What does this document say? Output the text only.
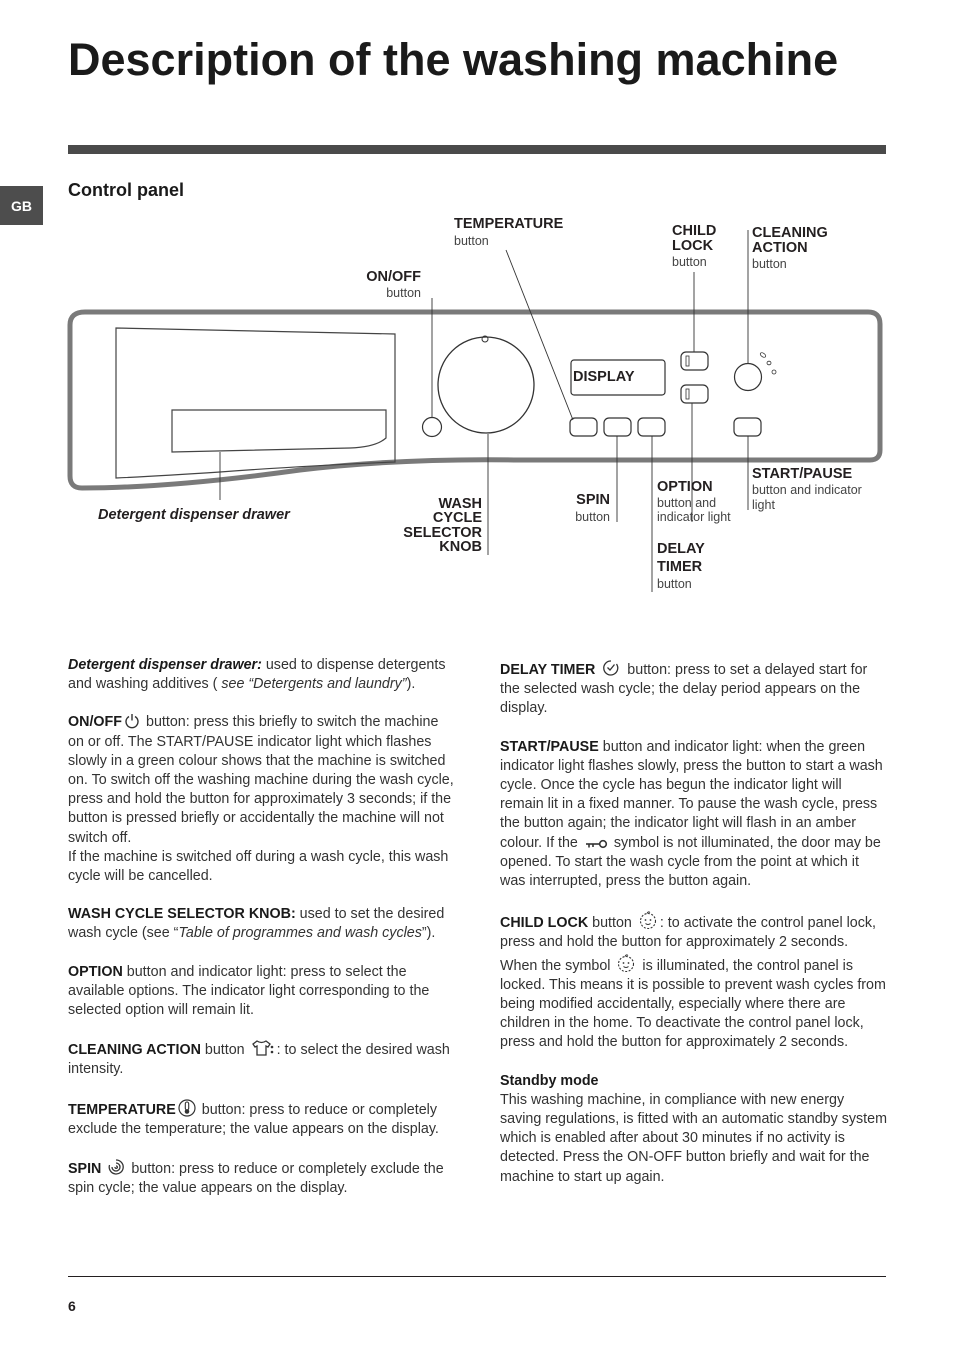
Description of the washing machine
GB
Control panel
DISPLAY
TEMPERATURE
button
CHILD
LOCK
button
CLEANING
ACTION
button
ON/OFF
button
OPTION
button and
indicator light
START/PAUSE
button and indicator
light
SPIN
button
DELAY
TIMER
button
WASH
CYCLE
SELECTOR
KNOB
Detergent dispenser drawer

Detergent dispenser drawer: used to dispense detergents and washing additives ( see “Detergents and laundry”).

ON/OFF button: press this briefly to switch the machine on or off. The START/PAUSE indicator light which flashes slowly in a green colour shows that the machine is switched on. To switch off the washing machine during the wash cycle, press and hold the button for approximately 3 seconds; if the button is pressed briefly or accidentally the machine will not switch off.

If the machine is switched off during a wash cycle, this wash cycle will be cancelled.

WASH CYCLE SELECTOR KNOB: used to set the desired wash cycle (see “Table of programmes and wash cycles”).

OPTION button and indicator light: press to select the available options. The indicator light corresponding to the selected option will remain lit.

CLEANING ACTION button : to select the desired wash intensity.

TEMPERATURE button: press to reduce or completely exclude the temperature; the value appears on the display.

SPIN  button: press to reduce or completely exclude the spin cycle; the value appears on the display.

DELAY TIMER  button: press to set a delayed start for the selected wash cycle; the delay period appears on the display.

START/PAUSE button and indicator light: when the green indicator light flashes slowly, press the button to start a wash cycle. Once the cycle has begun the indicator light will remain lit in a fixed manner. To pause the wash cycle, press the button again; the indicator light will flash in an amber colour. If the  symbol is not illuminated, the door may be opened. To start the wash cycle from the point at which it was interrupted, press the button again.

CHILD LOCK button : to activate the control panel lock, press and hold the button for approximately 2 seconds. When the symbol  is illuminated, the control panel is locked. This means it is possible to prevent wash cycles from being modified accidentally, especially where there are children in the home. To deactivate the control panel lock, press and hold the button for approximately 2 seconds.

Standby mode
This washing machine, in compliance with new energy saving regulations, is fitted with an automatic standby system which is enabled after about 30 minutes if no activity is detected. Press the ON-OFF button briefly and wait for the machine to start up again.
6
